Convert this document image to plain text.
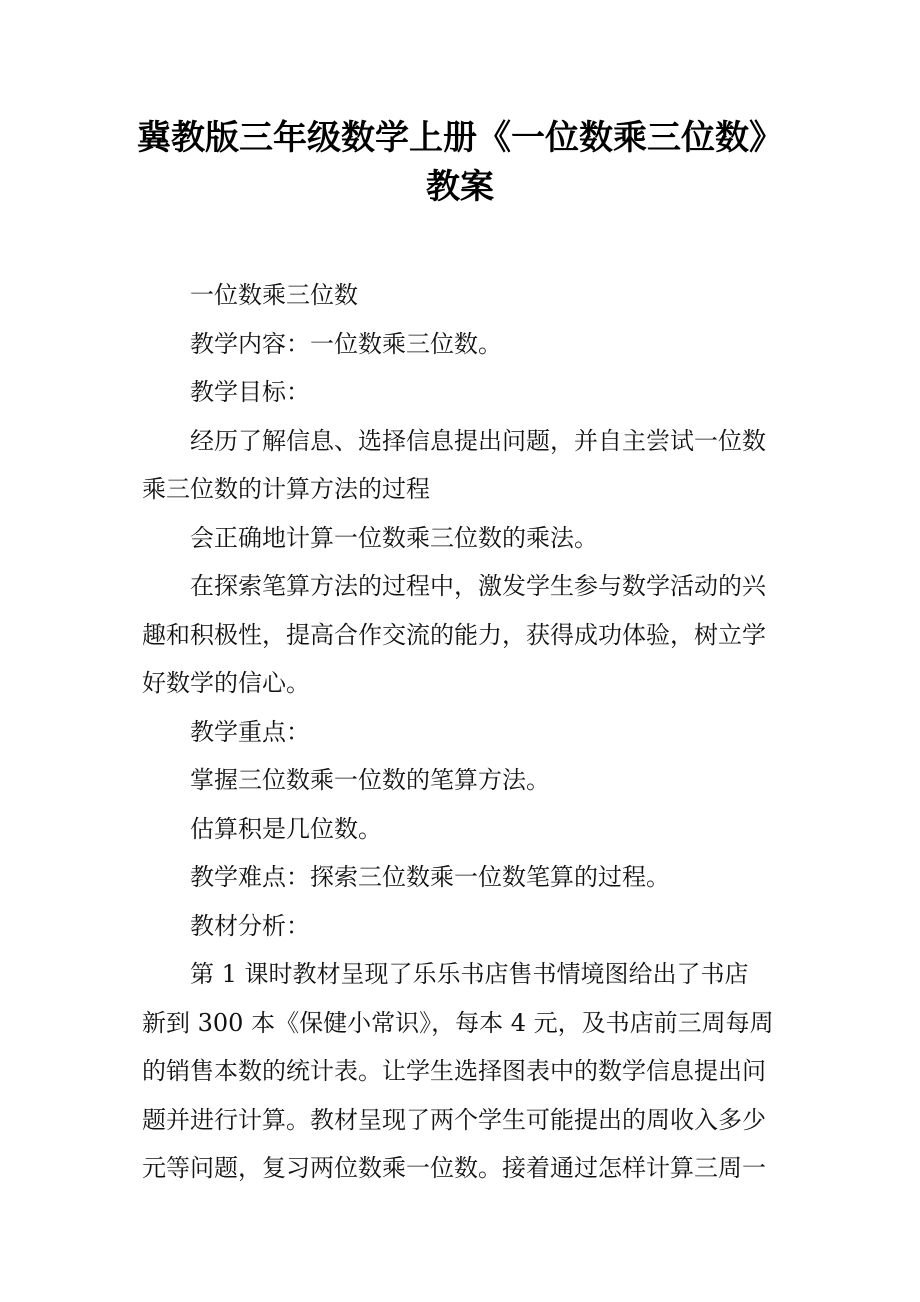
冀教版三年级数学上册《一位数乘三位数》
教案
一位数乘三位数
教学内容：一位数乘三位数。
教学目标：
经历了解信息、选择信息提出问题，并自主尝试一位数
乘三位数的计算方法的过程
会正确地计算一位数乘三位数的乘法。
在探索笔算方法的过程中，激发学生参与数学活动的兴
趣和积极性，提高合作交流的能力，获得成功体验，树立学
好数学的信心。
教学重点：
掌握三位数乘一位数的笔算方法。
估算积是几位数。
教学难点：探索三位数乘一位数笔算的过程。
教材分析：
第 1 课时教材呈现了乐乐书店售书情境图给出了书店
新到 300 本《保健小常识》，每本 4 元，及书店前三周每周
的销售本数的统计表。让学生选择图表中的数学信息提出问
题并进行计算。教材呈现了两个学生可能提出的周收入多少
元等问题，复习两位数乘一位数。接着通过怎样计算三周一
